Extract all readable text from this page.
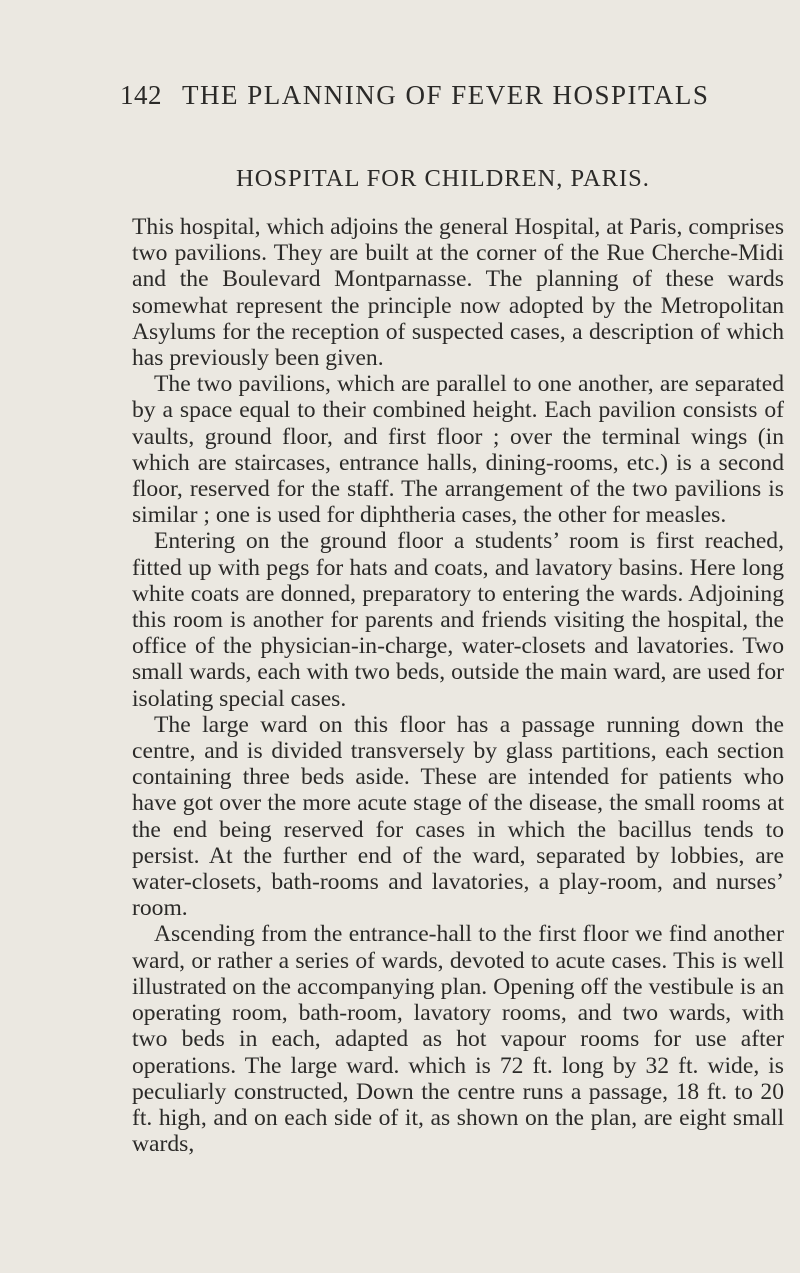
142 THE PLANNING OF FEVER HOSPITALS
HOSPITAL FOR CHILDREN, PARIS.

This hospital, which adjoins the general Hospital, at Paris, comprises two pavilions. They are built at the corner of the Rue Cherche-Midi and the Boulevard Montparnasse. The planning of these wards somewhat represent the principle now adopted by the Metropolitan Asylums for the reception of suspected cases, a description of which has previously been given.

The two pavilions, which are parallel to one another, are separated by a space equal to their combined height. Each pavilion consists of vaults, ground floor, and first floor ; over the terminal wings (in which are staircases, entrance halls, dining-rooms, etc.) is a second floor, reserved for the staff. The arrangement of the two pavilions is similar ; one is used for diphtheria cases, the other for measles.

Entering on the ground floor a students’ room is first reached, fitted up with pegs for hats and coats, and lavatory basins. Here long white coats are donned, preparatory to entering the wards. Adjoining this room is another for parents and friends visiting the hospital, the office of the physician-in-charge, water-closets and lavatories. Two small wards, each with two beds, outside the main ward, are used for isolating special cases.

The large ward on this floor has a passage running down the centre, and is divided transversely by glass partitions, each section containing three beds aside. These are intended for patients who have got over the more acute stage of the disease, the small rooms at the end being reserved for cases in which the bacillus tends to persist. At the further end of the ward, separated by lobbies, are water-closets, bath-rooms and lavatories, a play-room, and nurses’ room.

Ascending from the entrance-hall to the first floor we find another ward, or rather a series of wards, devoted to acute cases. This is well illustrated on the accompanying plan. Opening off the vestibule is an operating room, bath-room, lavatory rooms, and two wards, with two beds in each, adapted as hot vapour rooms for use after operations. The large ward. which is 72 ft. long by 32 ft. wide, is peculiarly constructed, Down the centre runs a passage, 18 ft. to 20 ft. high, and on each side of it, as shown on the plan, are eight small wards,
